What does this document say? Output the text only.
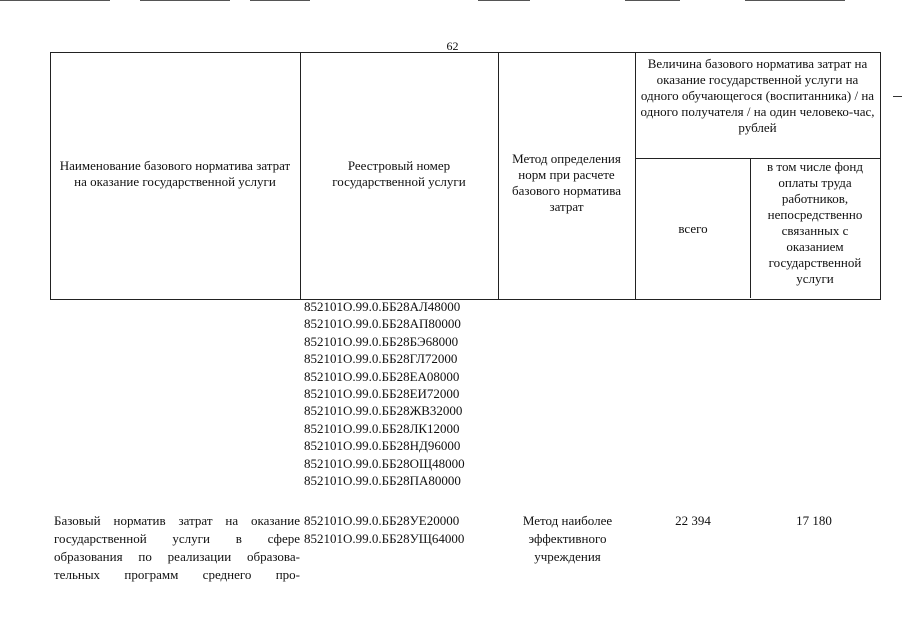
62
Наименование базового норматива затрат на оказание государственной услуги
Реестровый номер государственной услуги
Метод определения норм при расчете базового норматива затрат
Величина базового норматива затрат на оказание государственной услуги на одного обучающегося (воспитанника) / на одного получателя / на один человеко-час, рублей
всего
в том числе фонд оплаты труда работников, непосредственно связанных с оказанием государственной услуги
852101О.99.0.ББ28АЛ48000
852101О.99.0.ББ28АП80000
852101О.99.0.ББ28БЭ68000
852101О.99.0.ББ28ГЛ72000
852101О.99.0.ББ28ЕА08000
852101О.99.0.ББ28ЕИ72000
852101О.99.0.ББ28ЖВ32000
852101О.99.0.ББ28ЛК12000
852101О.99.0.ББ28НД96000
852101О.99.0.ББ28ОЩ48000
852101О.99.0.ББ28ПА80000
Базовый норматив затрат на оказание
государственной услуги в сфере
образования по реализации образова-
тельных программ среднего про-
852101О.99.0.ББ28УЕ20000
852101О.99.0.ББ28УЩ64000
Метод наиболее эффективного учреждения
22 394	17 180
